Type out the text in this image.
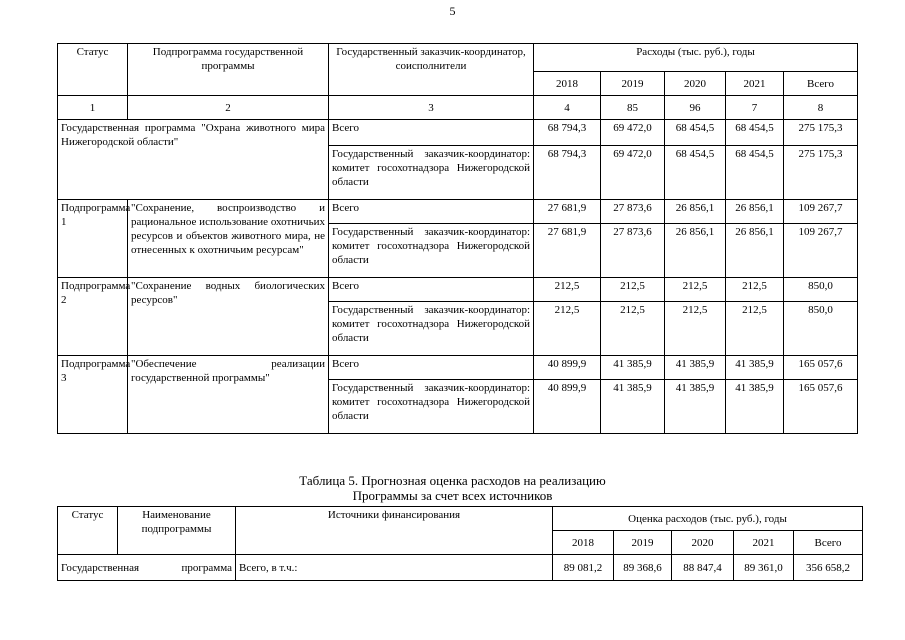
5
Статус	Подпрограмма государственной программы	Государственный заказчик-координатор, соисполнители	Расходы (тыс. руб.), годы				
			2018	2019	2020	2021	Всего
1	2	3	4	85	96	7	8
Государственная программа "Охрана животного мира Нижегородской области"		Всего	68 794,3	69 472,0	68 454,5	68 454,5	275 175,3
		Государственный заказчик-координатор: комитет госохотнадзора Нижегородской области	68 794,3	69 472,0	68 454,5	68 454,5	275 175,3
Подпрограмма 1	"Сохранение, воспроизводство и рациональное использование охотничьих ресурсов и объектов животного мира, не отнесенных к охотничьим ресурсам"	Всего	27 681,9	27 873,6	26 856,1	26 856,1	109 267,7
		Государственный заказчик-координатор: комитет госохотнадзора Нижегородской области	27 681,9	27 873,6	26 856,1	26 856,1	109 267,7
Подпрограмма 2	"Сохранение водных биологических ресурсов"	Всего	212,5	212,5	212,5	212,5	850,0
		Государственный заказчик-координатор: комитет госохотнадзора Нижегородской области	212,5	212,5	212,5	212,5	850,0
Подпрограмма 3	"Обеспечение реализации государственной программы"	Всего	40 899,9	41 385,9	41 385,9	41 385,9	165 057,6
		Государственный заказчик-координатор: комитет госохотнадзора Нижегородской области	40 899,9	41 385,9	41 385,9	41 385,9	165 057,6
Таблица 5. Прогнозная оценка расходов на реализацию
Программы за счет всех источников
Статус	Наименование подпрограммы	Источники финансирования	Оценка расходов (тыс. руб.), годы				
			2018	2019	2020	2021	Всего

Государственная программа		Всего, в т.ч.:	89 081,2	89 368,6	88 847,4	89 361,0	356 658,2
